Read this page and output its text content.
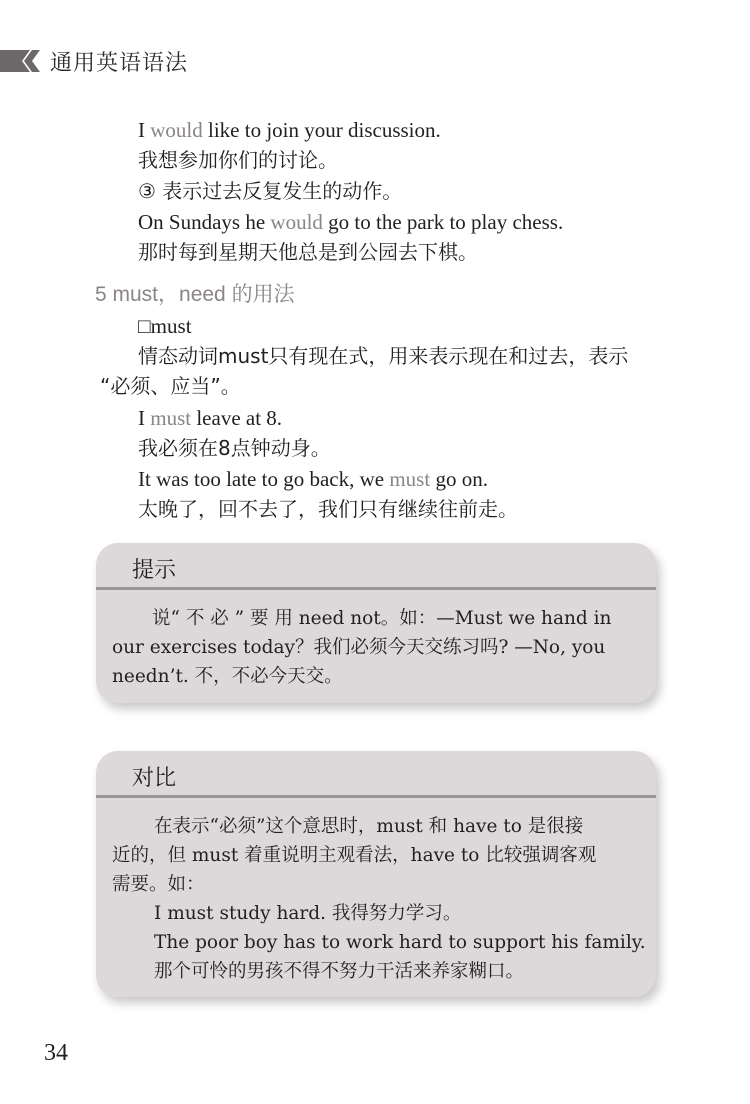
通用英语语法
I would like to join your discussion.
我想参加你们的讨论。
③ 表示过去反复发生的动作。
On Sundays he would go to the park to play chess.
那时每到星期天他总是到公园去下棋。
5 must，need 的用法
□must
情态动词must只有现在式，用来表示现在和过去，表示
“必须、应当”。
I must leave at 8.
我必须在8点钟动身。
It was too late to go back, we must go on.
太晚了，回不去了，我们只有继续往前走。
提示
说“ 不 必 ” 要 用 need not。如：—Must we hand in
our exercises today？我们必须今天交练习吗? —No, you
needn’t. 不，不必今天交。
对比
在表示“必须”这个意思时，must 和 have to 是很接
近的，但 must 着重说明主观看法，have to 比较强调客观
需要。如：
I must study hard. 我得努力学习。
The poor boy has to work hard to support his family.
那个可怜的男孩不得不努力干活来养家糊口。
34
